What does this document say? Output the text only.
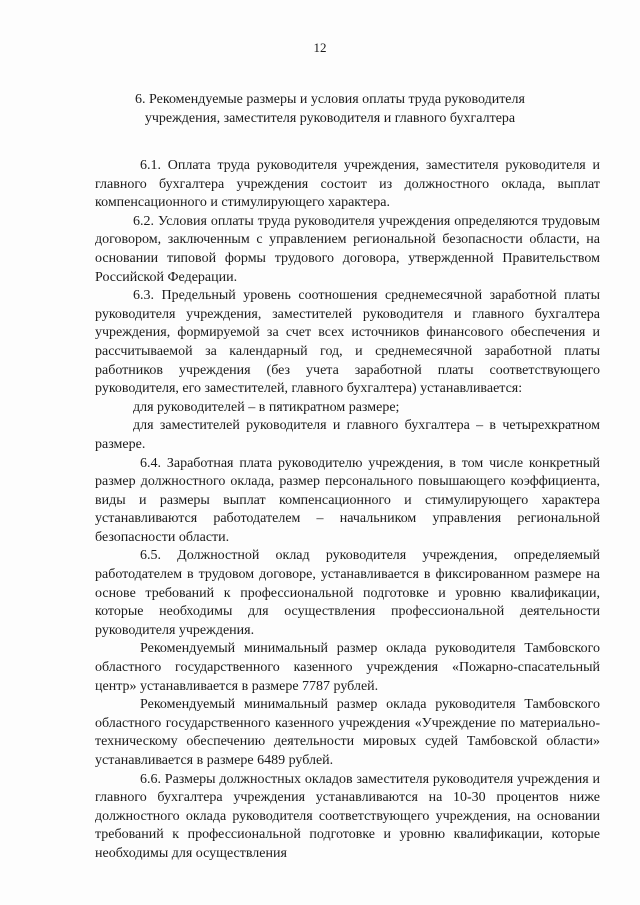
12
6. Рекомендуемые размеры и условия оплаты труда руководителя
учреждения, заместителя руководителя и главного бухгалтера

6.1. Оплата труда руководителя учреждения, заместителя руководителя и главного бухгалтера учреждения состоит из должностного оклада, выплат компенсационного и стимулирующего характера.

6.2. Условия оплаты труда руководителя учреждения определяются трудовым договором, заключенным с управлением региональной безопасности области, на основании типовой формы трудового договора, утвержденной Правительством Российской Федерации.

6.3. Предельный уровень соотношения среднемесячной заработной платы руководителя учреждения, заместителей руководителя и главного бухгалтера учреждения, формируемой за счет всех источников финансового обеспечения и рассчитываемой за календарный год, и среднемесячной заработной платы работников учреждения (без учета заработной платы соответствующего руководителя, его заместителей, главного бухгалтера) устанавливается:

для руководителей – в пятикратном размере;

для заместителей руководителя и главного бухгалтера – в четырехкратном размере.

6.4. Заработная плата руководителю учреждения, в том числе конкретный размер должностного оклада, размер персонального повышающего коэффициента, виды и размеры выплат компенсационного и стимулирующего характера устанавливаются работодателем – начальником управления региональной безопасности области.

6.5. Должностной оклад руководителя учреждения, определяемый работодателем в трудовом договоре, устанавливается в фиксированном размере на основе требований к профессиональной подготовке и уровню квалификации, которые необходимы для осуществления профессиональной деятельности руководителя учреждения.

Рекомендуемый минимальный размер оклада руководителя Тамбовского областного государственного казенного учреждения «Пожарно-спасательный центр» устанавливается в размере 7787 рублей.

Рекомендуемый минимальный размер оклада руководителя Тамбовского областного государственного казенного учреждения «Учреждение по материально-техническому обеспечению деятельности мировых судей Тамбовской области» устанавливается в размере 6489 рублей.

6.6. Размеры должностных окладов заместителя руководителя учреждения и главного бухгалтера учреждения устанавливаются на 10-30 процентов ниже должностного оклада руководителя соответствующего учреждения, на основании требований к профессиональной подготовке и уровню квалификации, которые необходимы для осуществления
